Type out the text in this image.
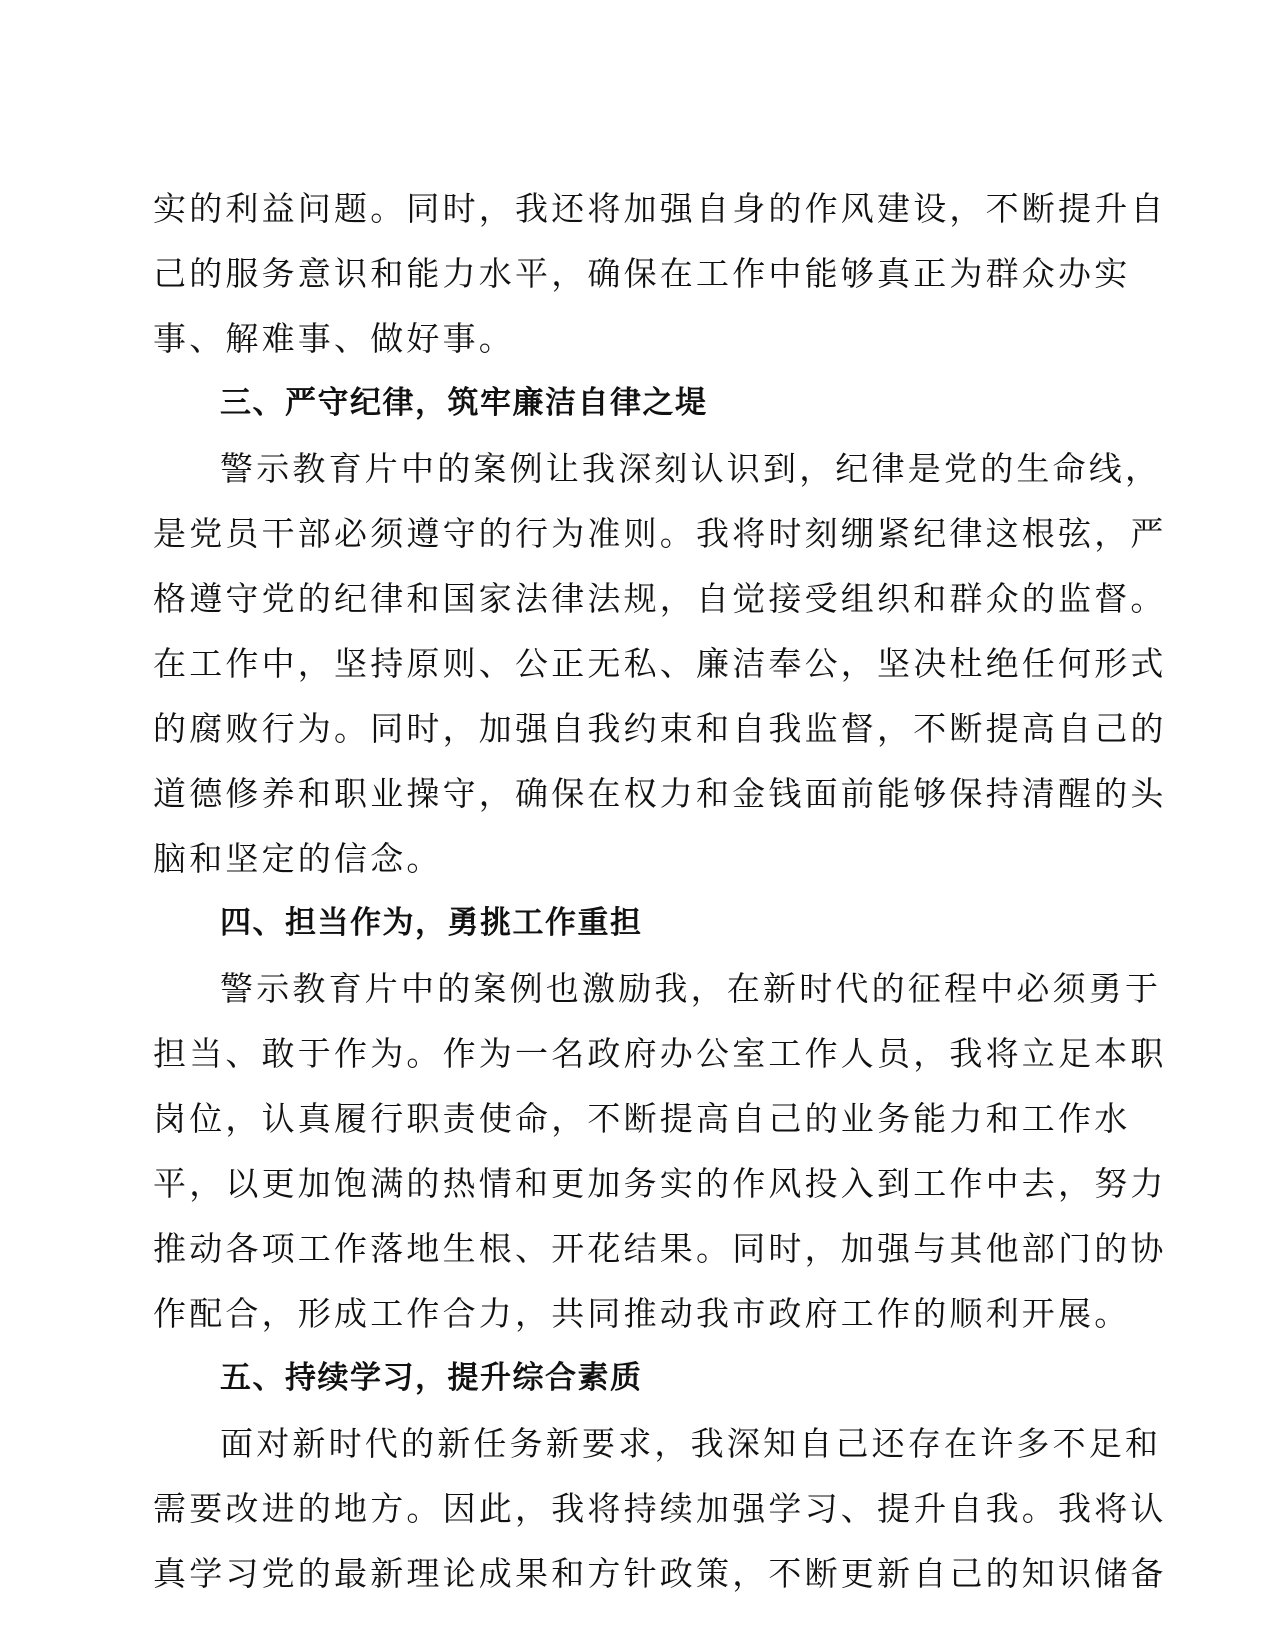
实的利益问题。同时，我还将加强自身的作风建设，不断提升自
己的服务意识和能力水平，确保在工作中能够真正为群众办实
事、解难事、做好事。
三、严守纪律，筑牢廉洁自律之堤
警示教育片中的案例让我深刻认识到，纪律是党的生命线，
是党员干部必须遵守的行为准则。我将时刻绷紧纪律这根弦，严
格遵守党的纪律和国家法律法规，自觉接受组织和群众的监督。
在工作中，坚持原则、公正无私、廉洁奉公，坚决杜绝任何形式
的腐败行为。同时，加强自我约束和自我监督，不断提高自己的
道德修养和职业操守，确保在权力和金钱面前能够保持清醒的头
脑和坚定的信念。
四、担当作为，勇挑工作重担
警示教育片中的案例也激励我，在新时代的征程中必须勇于
担当、敢于作为。作为一名政府办公室工作人员，我将立足本职
岗位，认真履行职责使命，不断提高自己的业务能力和工作水
平，以更加饱满的热情和更加务实的作风投入到工作中去，努力
推动各项工作落地生根、开花结果。同时，加强与其他部门的协
作配合，形成工作合力，共同推动我市政府工作的顺利开展。
五、持续学习，提升综合素质
面对新时代的新任务新要求，我深知自己还存在许多不足和
需要改进的地方。因此，我将持续加强学习、提升自我。我将认
真学习党的最新理论成果和方针政策，不断更新自己的知识储备
